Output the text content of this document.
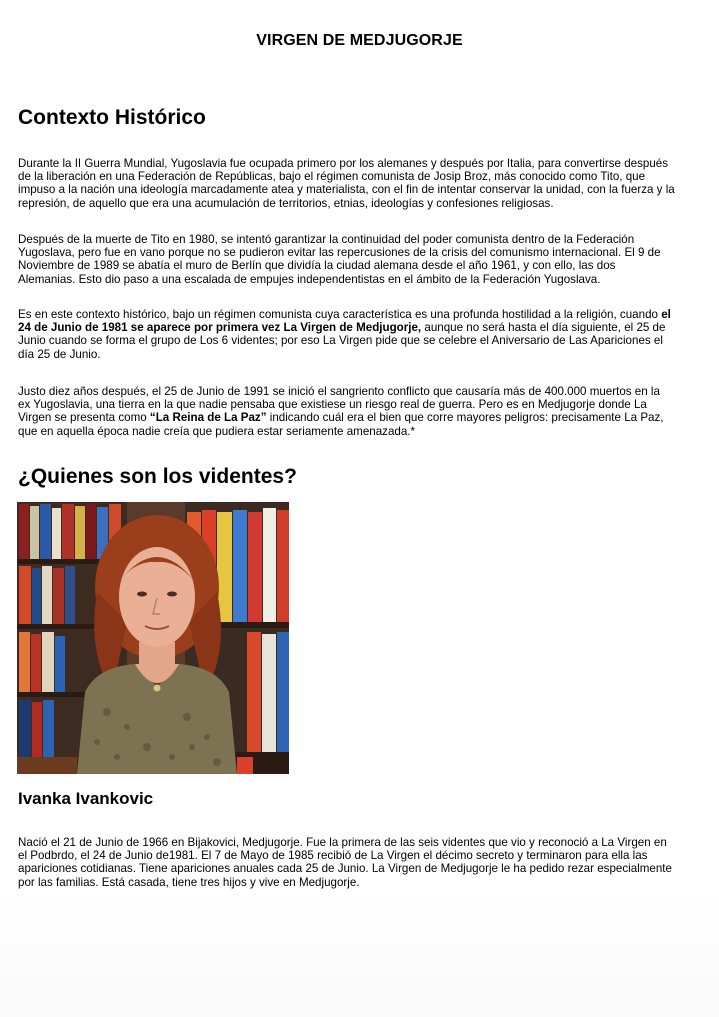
VIRGEN DE MEDJUGORJE
Contexto Histórico

Durante la II Guerra Mundial, Yugoslavia fue ocupada primero por los alemanes y después por Italia, para convertirse después
de la liberación en una Federación de Repúblicas, bajo el régimen comunista de Josip Broz, más conocido como Tito, que
impuso a la nación una ideología marcadamente atea y materialista, con el fin de intentar conservar la unidad, con la fuerza y la
represión, de aquello que era una acumulación de territorios, etnias, ideologías y confesiones religiosas.

Después de la muerte de Tito en 1980, se intentó garantizar la continuidad del poder comunista dentro de la Federación
Yugoslava, pero fue en vano porque no se pudieron evitar las repercusiones de la crisis del comunismo internacional. El 9 de
Noviembre de 1989 se abatía el muro de Berlín que dividía la ciudad alemana desde el año 1961, y con ello, las dos
Alemanias. Esto dio paso a una escalada de empujes independentistas en el ámbito de la Federación Yugoslava.

Es en este contexto histórico, bajo un régimen comunista cuya característica es una profunda hostilidad a la religión, cuando el
24 de Junio de 1981 se aparece por primera vez La Virgen de Medjugorje, aunque no será hasta el día siguiente, el 25 de
Junio cuando se forma el grupo de Los 6 videntes; por eso La Virgen pide que se celebre el Aniversario de Las Apariciones el
día 25 de Junio.

Justo diez años después, el 25 de Junio de 1991 se inició el sangriento conflicto que causaría más de 400.000 muertos en la
ex Yugoslavia, una tierra en la que nadie pensaba que existiese un riesgo real de guerra. Pero es en Medjugorje donde La
Virgen se presenta como “La Reina de La Paz” indicando cuál era el bien que corre mayores peligros: precisamente La Paz,
que en aquella época nadie creía que pudiera estar seriamente amenazada.*

¿Quienes son los videntes?
Ivanka Ivankovic

Nació el 21 de Junio de 1966 en Bijakovici, Medjugorje. Fue la primera de las seis videntes que vio y reconoció a La Virgen en
el Podbrdo, el 24 de Junio de1981. El 7 de Mayo de 1985 recibió de La Virgen el décimo secreto y terminaron para ella las
apariciones cotidianas. Tiene apariciones anuales cada 25 de Junio. La Virgen de Medjugorje le ha pedido rezar especialmente
por las familias. Está casada, tiene tres hijos y vive en Medjugorje.
